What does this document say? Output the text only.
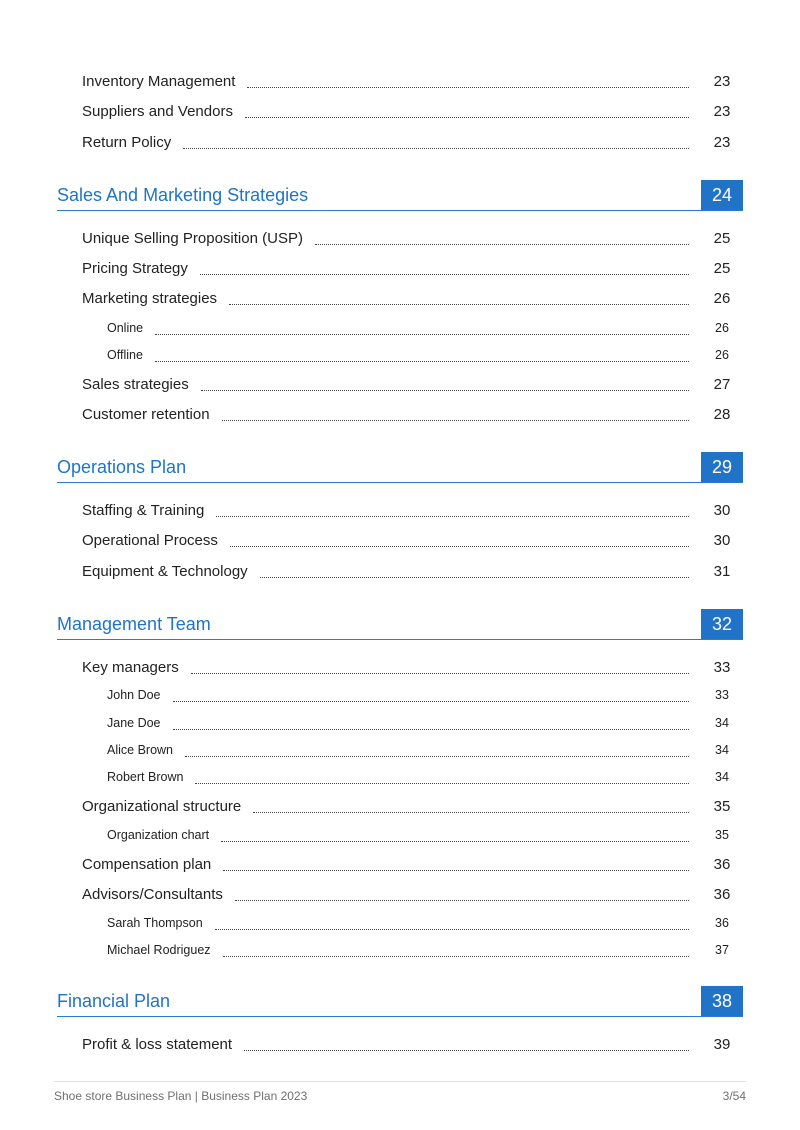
Inventory Management	23
Suppliers and Vendors	23
Return Policy	23
Sales And Marketing Strategies	24
Unique Selling Proposition (USP)	25
Pricing Strategy	25
Marketing strategies	26
Online	26
Offline	26
Sales strategies	27
Customer retention	28
Operations Plan	29
Staffing & Training	30
Operational Process	30
Equipment & Technology	31
Management Team	32
Key managers	33
John Doe	33
Jane Doe	34
Alice Brown	34
Robert Brown	34
Organizational structure	35
Organization chart	35
Compensation plan	36
Advisors/Consultants	36
Sarah Thompson	36
Michael Rodriguez	37
Financial Plan	38
Profit & loss statement	39
Shoe store Business Plan | Business Plan 2023	3/54
